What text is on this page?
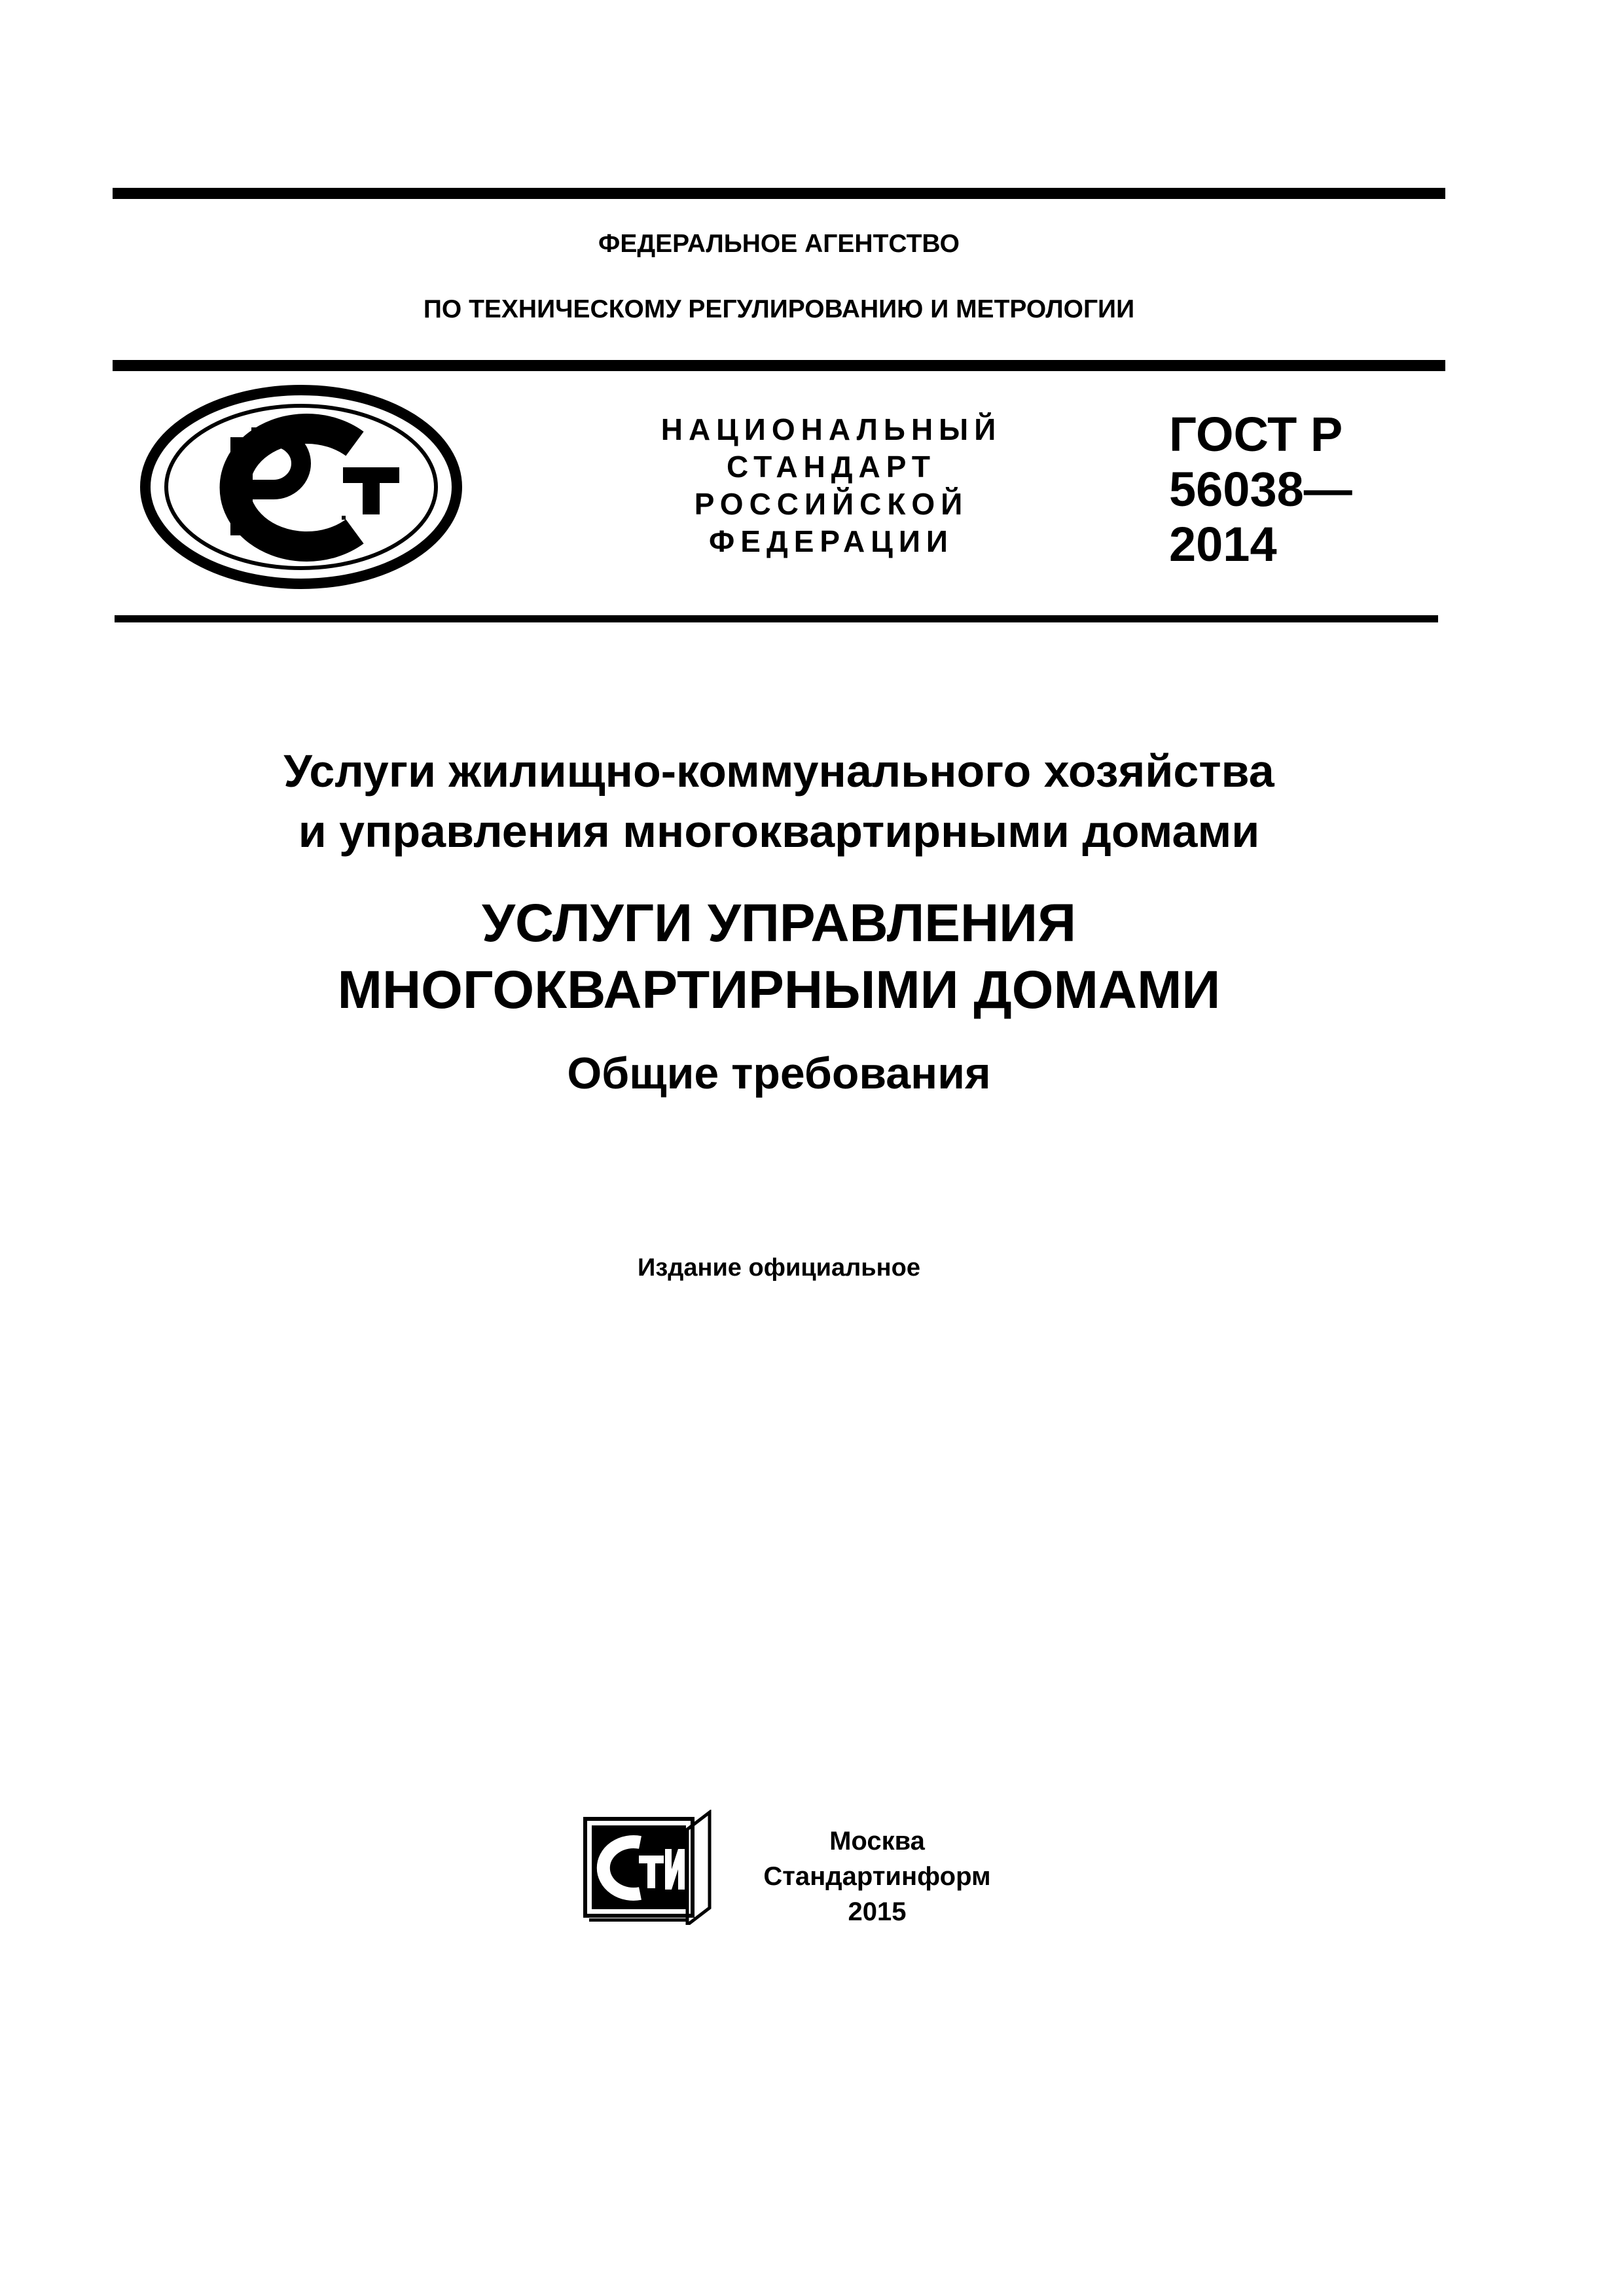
ФЕДЕРАЛЬНОЕ АГЕНТСТВО
ПО ТЕХНИЧЕСКОМУ РЕГУЛИРОВАНИЮ И МЕТРОЛОГИИ
НАЦИОНАЛЬНЫЙ
СТАНДАРТ
РОССИЙСКОЙ
ФЕДЕРАЦИИ
ГОСТ Р
56038—
2014
Услуги жилищно-коммунального хозяйства
и управления многоквартирными домами
УСЛУГИ УПРАВЛЕНИЯ
МНОГОКВАРТИРНЫМИ ДОМАМИ
Общие требования
Издание официальное
Москва
Стандартинформ
2015
